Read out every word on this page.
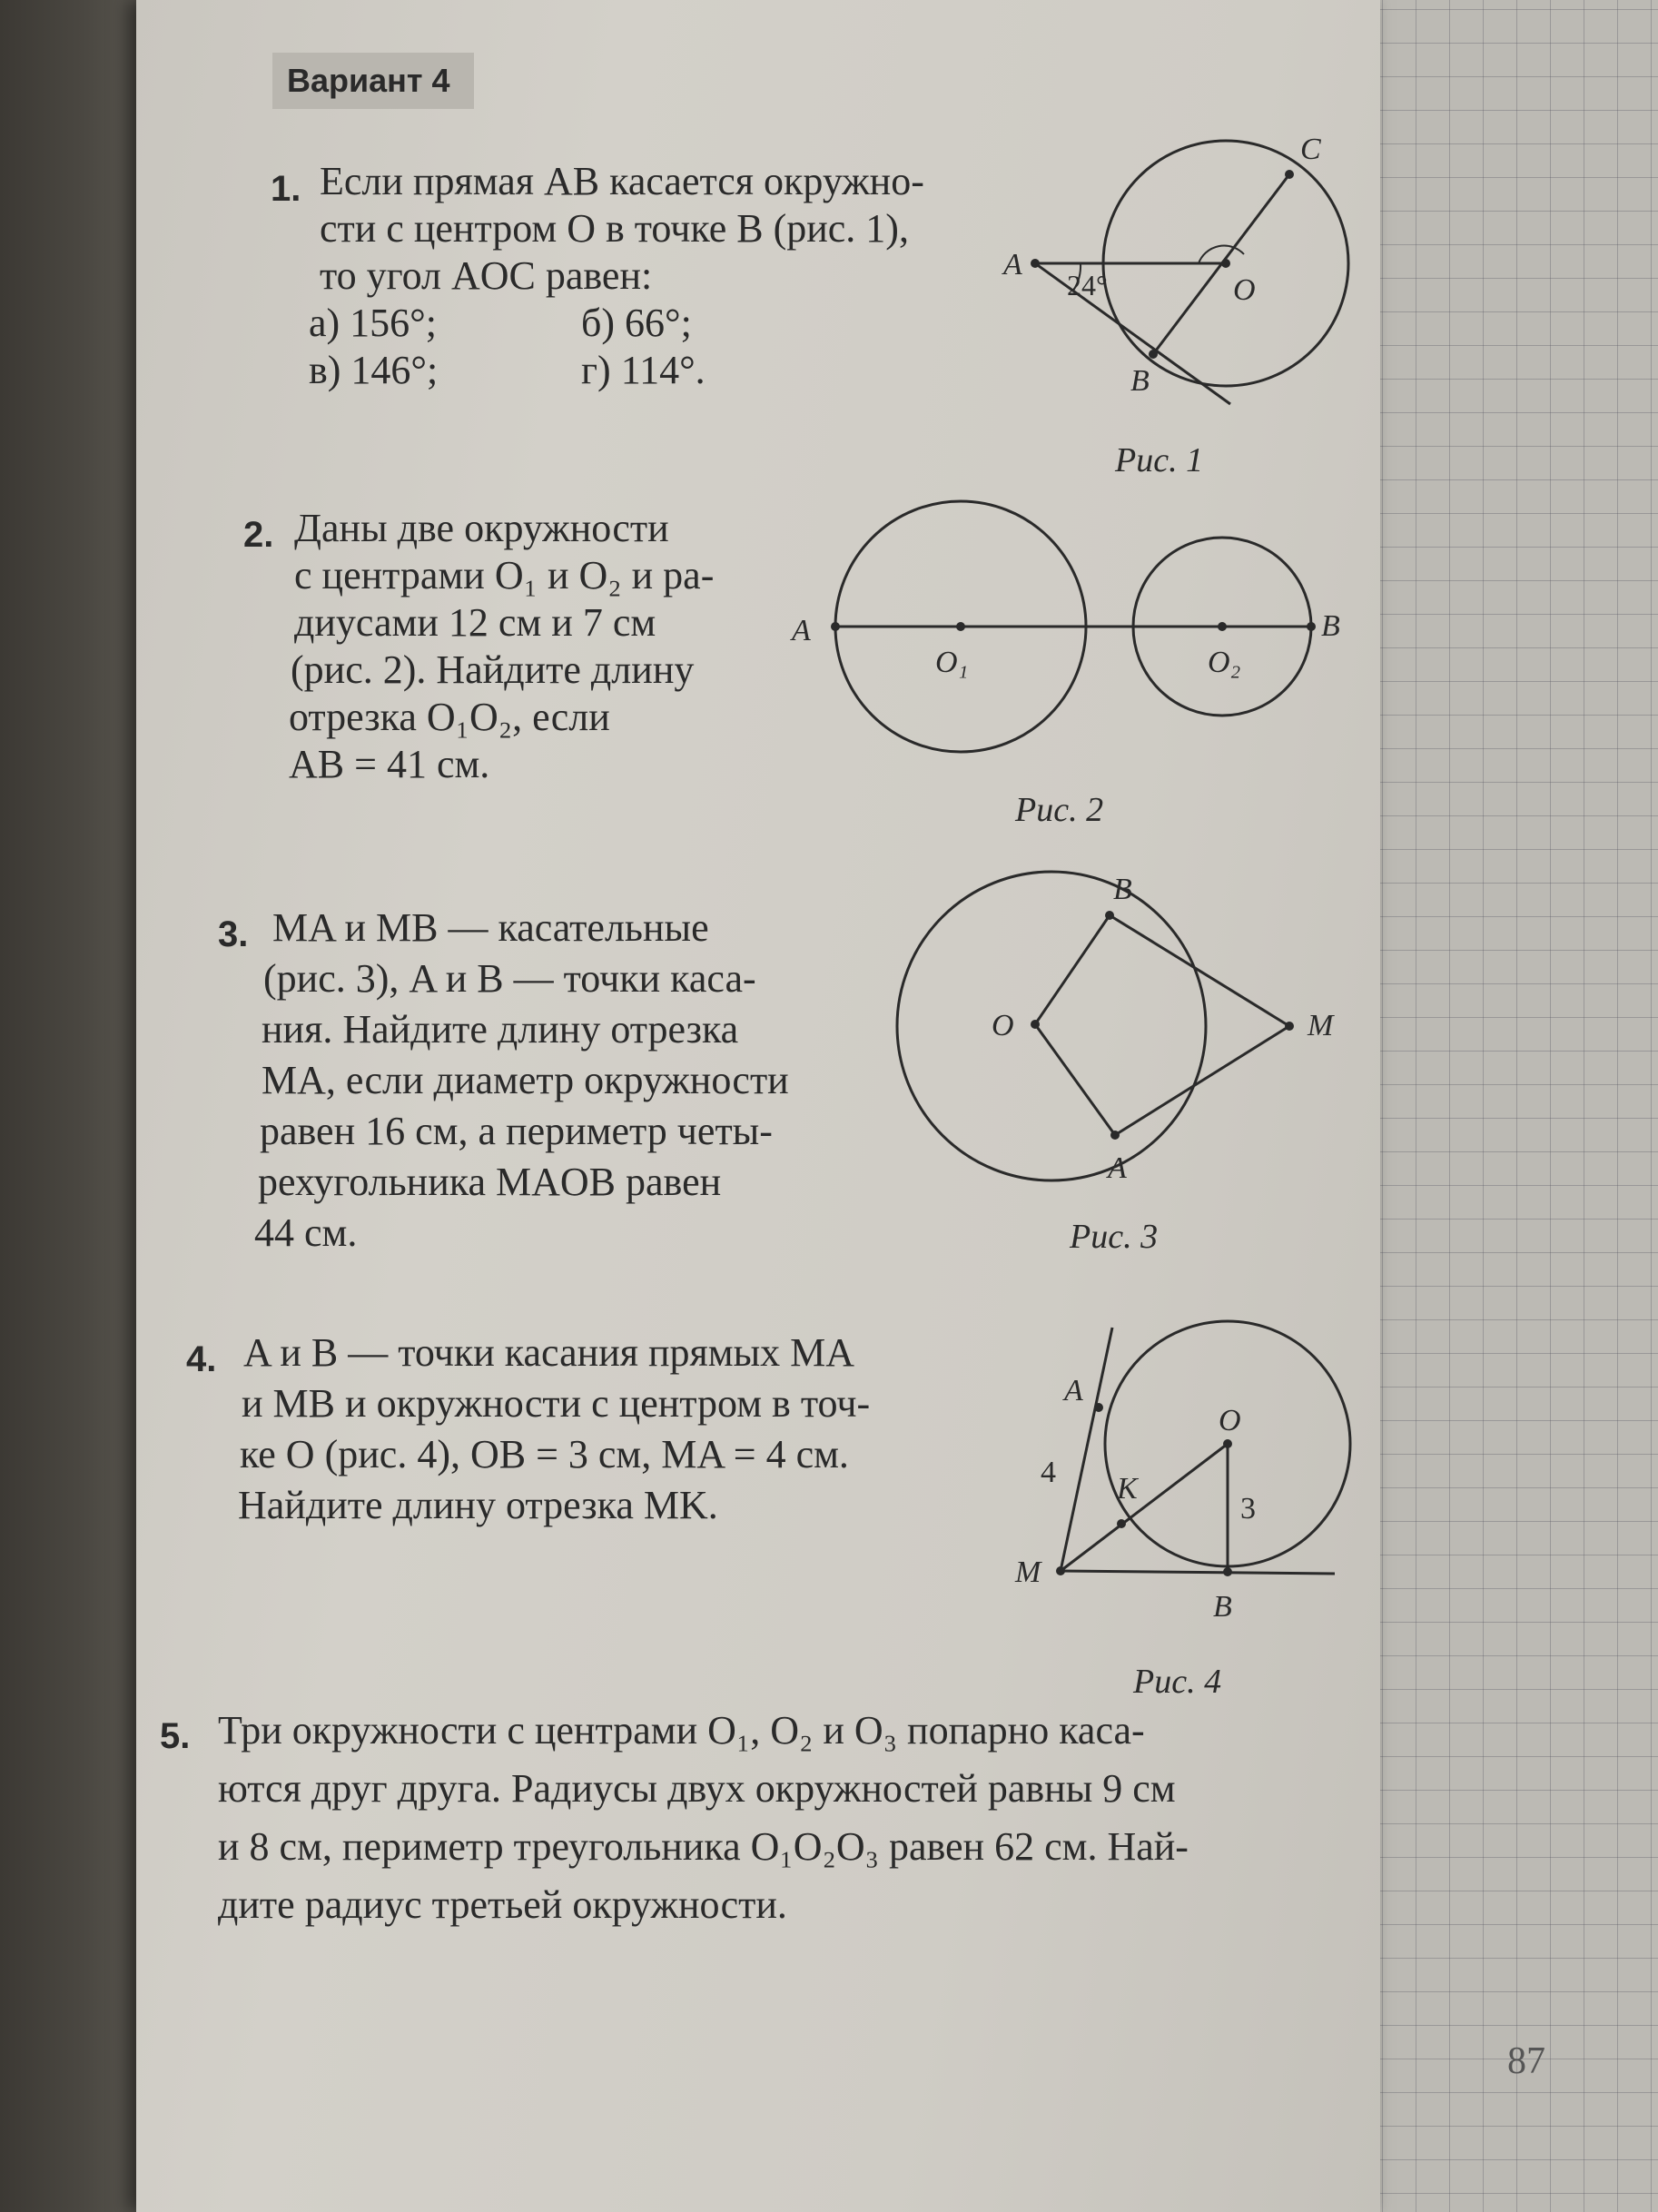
Вариант 4
1. Если прямая AB касается окружно-
сти с центром O в точке B (рис. 1),
то угол AOC равен:
а) 156°;	б) 66°;
в) 146°;	г) 114°.
A
B
C
O
24°
Рис. 1
2. Даны две окружности
с центрами O₁ и O₂ и ра-
диусами 12 см и 7 см
(рис. 2). Найдите длину
отрезка O₁O₂, если
AB = 41 см.
A	B
O₁	O₂
Рис. 2
3. MA и MB — касательные
(рис. 3), A и B — точки каса-
ния. Найдите длину отрезка
MA, если диаметр окружности
равен 16 см, а периметр четы-
рехугольника MAOB равен
44 см.
O
B
A
M
Рис. 3
4. A и B — точки касания прямых MA
и MB и окружности с центром в точ-
ке O (рис. 4), OB = 3 см, MA = 4 см.
Найдите длину отрезка MK.
A
O
K
M
B
4
3
Рис. 4
5. Три окружности с центрами O₁, O₂ и O₃ попарно каса-
ются друг друга. Радиусы двух окружностей равны 9 см
и 8 см, периметр треугольника O₁O₂O₃ равен 62 см. Най-
дите радиус третьей окружности.
87
